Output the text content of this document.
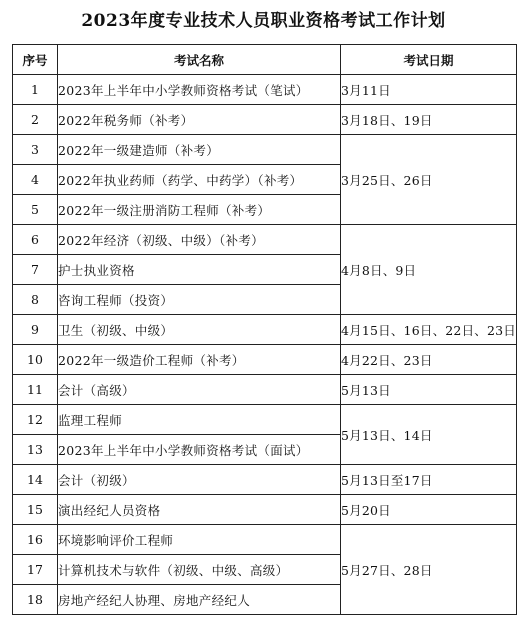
2023年度专业技术人员职业资格考试工作计划
序号	考试名称	考试日期
1	2023年上半年中小学教师资格考试（笔试）	3月11日
2	2022年税务师（补考）	3月18日、19日
3	2022年一级建造师（补考）	3月25日、26日
4	2022年执业药师（药学、中药学）（补考）	
5	2022年一级注册消防工程师（补考）	
6	2022年经济（初级、中级）（补考）	4月8日、9日
7	护士执业资格	
8	咨询工程师（投资）	
9	卫生（初级、中级）	4月15日、16日、22日、23日
10	2022年一级造价工程师（补考）	4月22日、23日
11	会计（高级）	5月13日
12	监理工程师	5月13日、14日
13	2023年上半年中小学教师资格考试（面试）	
14	会计（初级）	5月13日至17日
15	演出经纪人员资格	5月20日
16	环境影响评价工程师	5月27日、28日
17	计算机技术与软件（初级、中级、高级）	
18	房地产经纪人协理、房地产经纪人	
